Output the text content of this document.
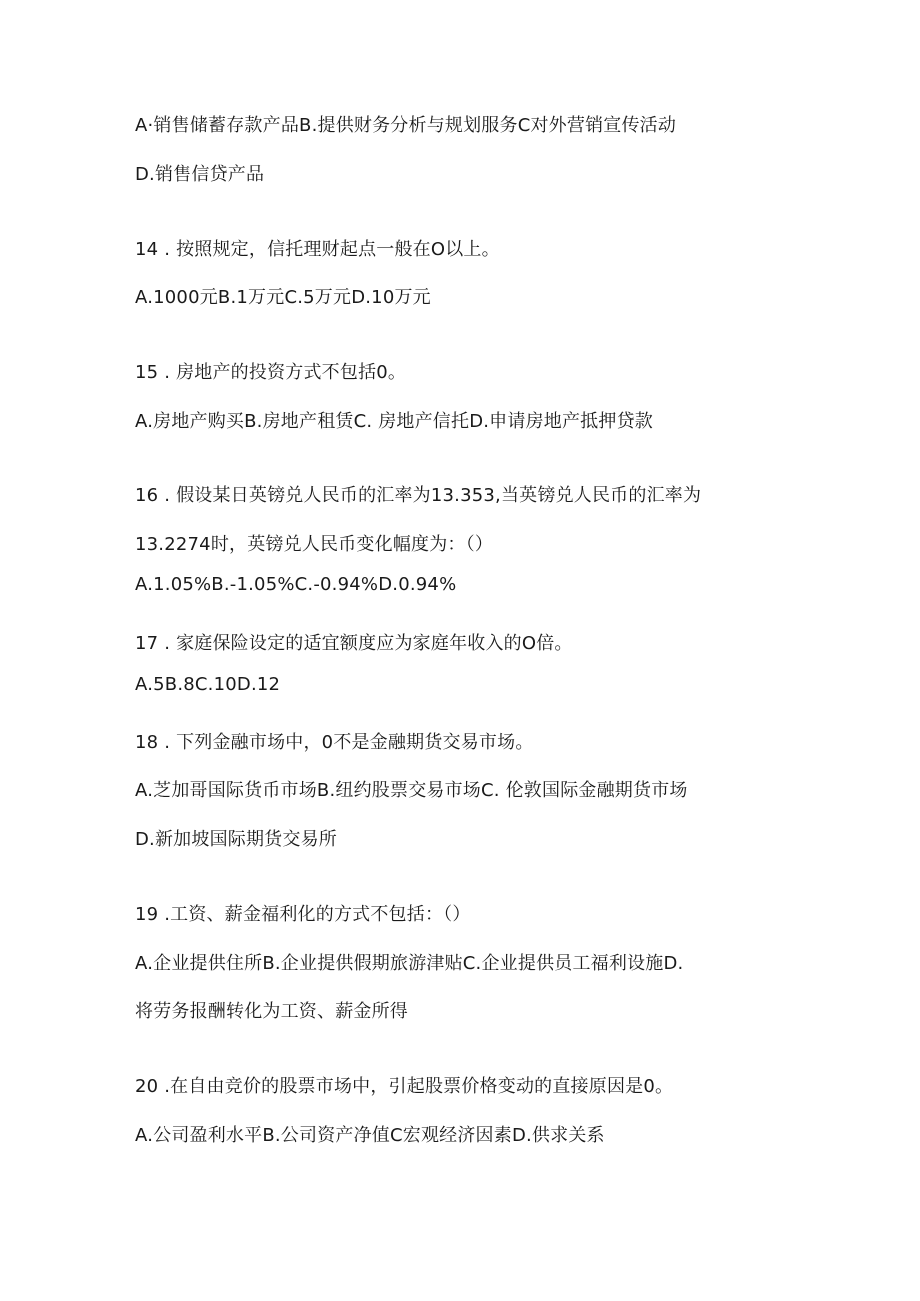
A·销售储蓄存款产品B.提供财务分析与规划服务C对外营销宣传活动
D.销售信贷产品
14 . 按照规定，信托理财起点一般在O以上。
A.1000元B.1万元C.5万元D.10万元
15 . 房地产的投资方式不包括0。
A.房地产购买B.房地产租赁C. 房地产信托D.申请房地产抵押贷款
16 . 假设某日英镑兑人民币的汇率为13.353,当英镑兑人民币的汇率为
13.2274时，英镑兑人民币变化幅度为：（）
A.1.05%B.-1.05%C.-0.94%D.0.94%
17 . 家庭保险设定的适宜额度应为家庭年收入的O倍。
A.5B.8C.10D.12
18 . 下列金融市场中，0不是金融期货交易市场。
A.芝加哥国际货币市场B.纽约股票交易市场C. 伦敦国际金融期货市场
D.新加坡国际期货交易所
19 .工资、薪金福利化的方式不包括：（）
A.企业提供住所B.企业提供假期旅游津贴C.企业提供员工福利设施D.
将劳务报酬转化为工资、薪金所得
20 .在自由竞价的股票市场中，引起股票价格变动的直接原因是0。
A.公司盈利水平B.公司资产净值C宏观经济因素D.供求关系
